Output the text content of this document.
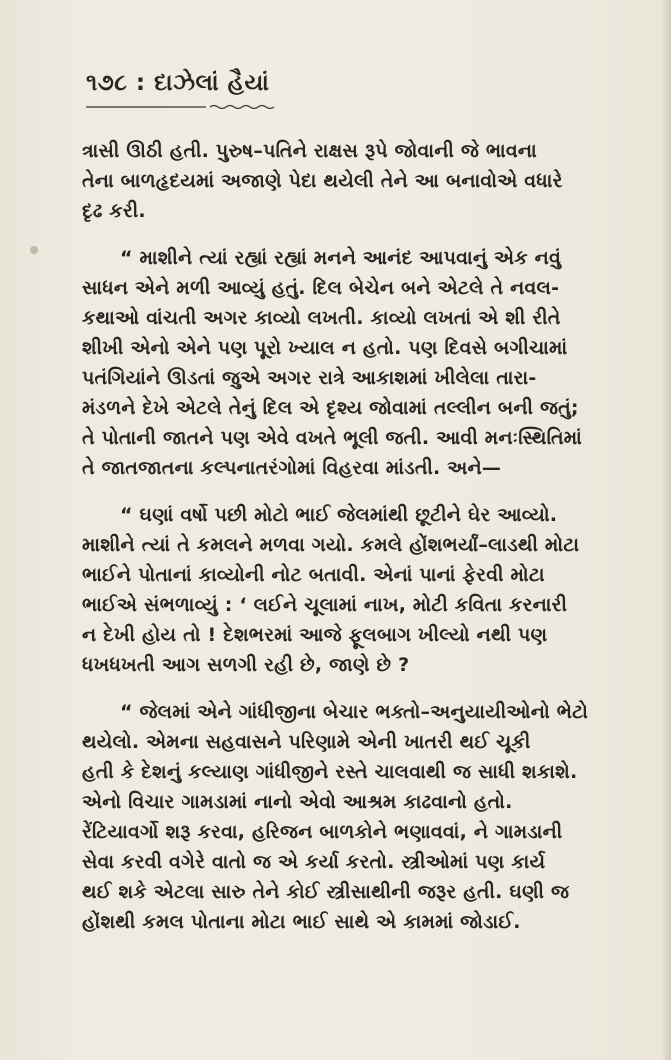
૧૭૮ : દાઝેલાં હૈયાં

ત્રાસી ઊઠી હતી. પુરુષ–પતિને રાક્ષસ રૂપે જોવાની જે ભાવના
તેના બાળહૃદયમાં અજાણે પેદા થયેલી તેને આ બનાવોએ વધારે
દૃઢ કરી.

“ માશીને ત્યાં રહ્યાં રહ્યાં મનને આનંદ આપવાનું એક નવું
સાધન એને મળી આવ્યું હતું. દિલ બેચેન બને એટલે તે નવલ-
કથાઓ વાંચતી અગર કાવ્યો લખતી. કાવ્યો લખતાં એ શી રીતે
શીખી એનો એને પણ પૂરો ખ્યાલ ન હતો. પણ દિવસે બગીચામાં
પતંગિયાંને ઊડતાં જુએ અગર રાત્રે આકાશમાં ખીલેલા તારા-
મંડળને દેખે એટલે તેનું દિલ એ દૃશ્ય જોવામાં તલ્લીન બની જતું;
તે પોતાની જાતને પણ એવે વખતે ભૂલી જતી. આવી મનઃસ્થિતિમાં
તે જાતજાતના કલ્પનાતરંગોમાં વિહરવા માંડતી. અને—

“ ઘણાં વર્ષો પછી મોટો ભાઈ જેલમાંથી છૂટીને ઘેર આવ્યો.
માશીને ત્યાં તે કમલને મળવા ગયો. કમલે હોંશભર્યાં–લાડથી મોટા
ભાઈને પોતાનાં કાવ્યોની નોટ બતાવી. એનાં પાનાં ફેરવી મોટા
ભાઈએ સંભળાવ્યું : ‘ લઈને ચૂલામાં નાખ, મોટી કવિતા કરનારી
ન દેખી હોય તો ! દેશભરમાં આજે ફૂલબાગ ખીલ્યો નથી પણ
ધખધખતી આગ સળગી રહી છે, જાણે છે ?

“ જેલમાં એને ગાંધીજીના બેચાર ભક્તો–અનુયાયીઓનો ભેટો
થયેલો. એમના સહવાસને પરિણામે એની ખાતરી થઈ ચૂકી
હતી કે દેશનું કલ્યાણ ગાંધીજીને રસ્તે ચાલવાથી જ સાધી શકાશે.
એનો વિચાર ગામડામાં નાનો એવો આશ્રમ કાઢવાનો હતો.
રેંટિયાવર્ગો શરૂ કરવા, હરિજન બાળકોને ભણાવવાં, ને ગામડાની
સેવા કરવી વગેરે વાતો જ એ કર્યા કરતો. સ્ત્રીઓમાં પણ કાર્ય
થઈ શકે એટલા સારુ તેને કોઈ સ્ત્રીસાથીની જરૂર હતી. ઘણી જ
હોંશથી કમલ પોતાના મોટા ભાઈ સાથે એ કામમાં જોડાઈ.
